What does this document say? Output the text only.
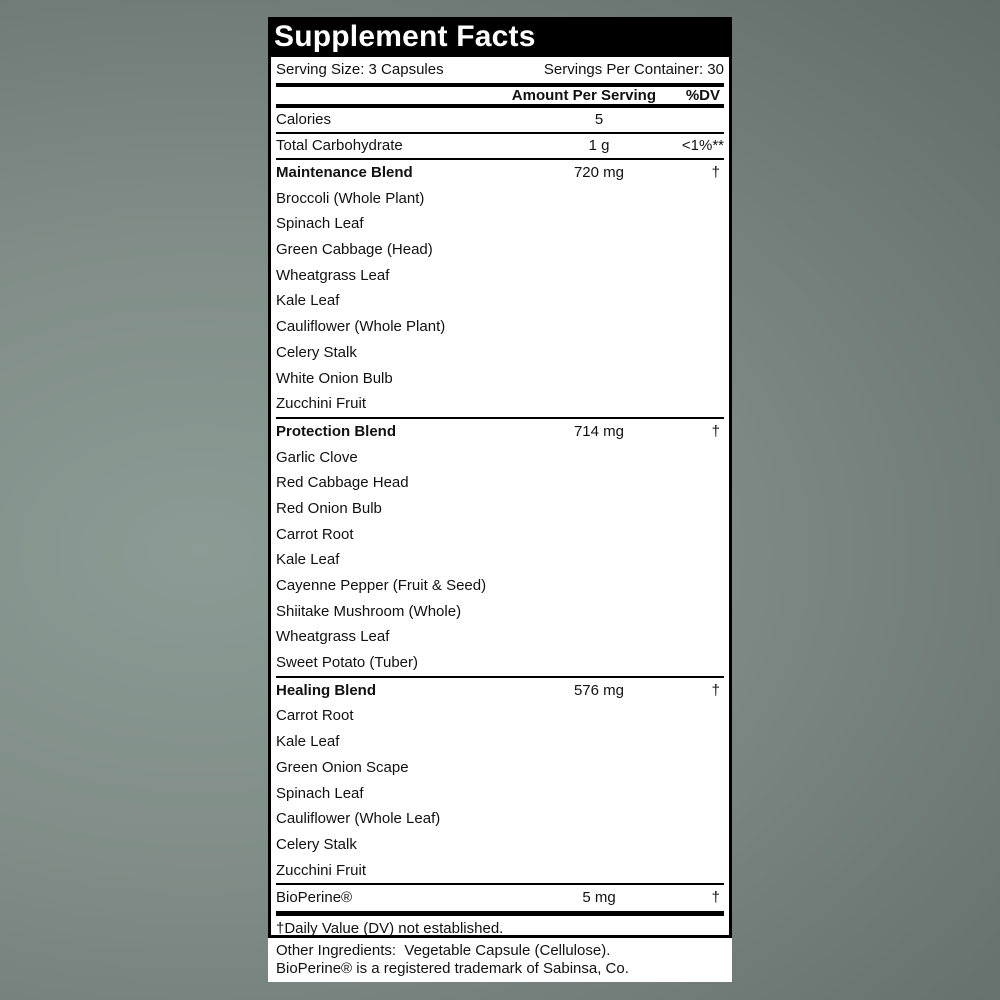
Supplement Facts
Serving Size: 3 Capsules	Servings Per Container: 30
Amount Per Serving	%DV
Calories	5
Total Carbohydrate	1 g	<1%**
Maintenance Blend	720 mg	†
Broccoli (Whole Plant)
Spinach Leaf
Green Cabbage (Head)
Wheatgrass Leaf
Kale Leaf
Cauliflower (Whole Plant)
Celery Stalk
White Onion Bulb
Zucchini Fruit
Protection Blend	714 mg	†
Garlic Clove
Red Cabbage Head
Red Onion Bulb
Carrot Root
Kale Leaf
Cayenne Pepper (Fruit & Seed)
Shiitake Mushroom (Whole)
Wheatgrass Leaf
Sweet Potato (Tuber)
Healing Blend	576 mg	†
Carrot Root
Kale Leaf
Green Onion Scape
Spinach Leaf
Cauliflower (Whole Leaf)
Celery Stalk
Zucchini Fruit
BioPerine®	5 mg	†
†Daily Value (DV) not established.
Other Ingredients:  Vegetable Capsule (Cellulose).
BioPerine® is a registered trademark of Sabinsa, Co.
